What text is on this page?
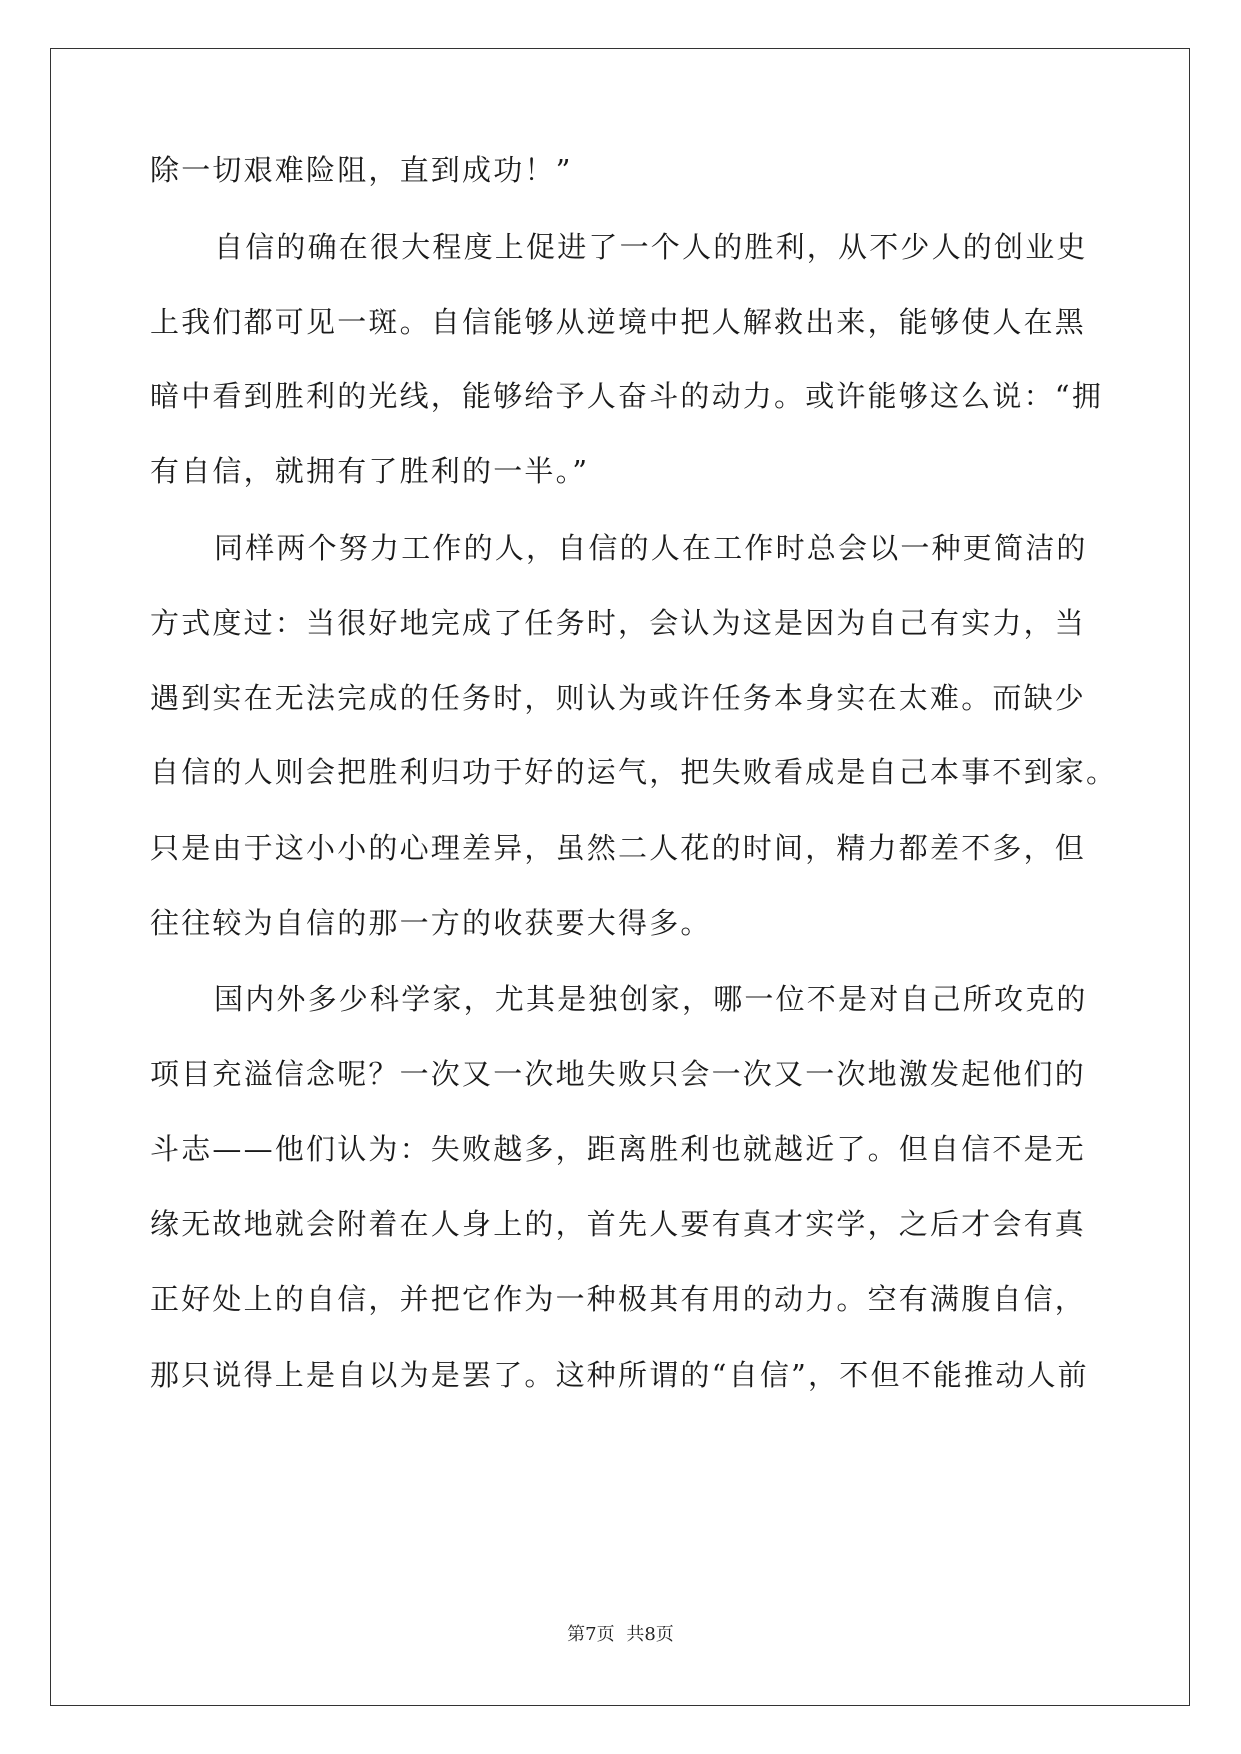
除一切艰难险阻，直到成功！”
自信的确在很大程度上促进了一个人的胜利，从不少人的创业史
上我们都可见一斑。自信能够从逆境中把人解救出来，能够使人在黑
暗中看到胜利的光线，能够给予人奋斗的动力。或许能够这么说：“拥
有自信，就拥有了胜利的一半。”
同样两个努力工作的人，自信的人在工作时总会以一种更简洁的
方式度过：当很好地完成了任务时，会认为这是因为自己有实力，当
遇到实在无法完成的任务时，则认为或许任务本身实在太难。而缺少
自信的人则会把胜利归功于好的运气，把失败看成是自己本事不到家。
只是由于这小小的心理差异，虽然二人花的时间，精力都差不多，但
往往较为自信的那一方的收获要大得多。
国内外多少科学家，尤其是独创家，哪一位不是对自己所攻克的
项目充溢信念呢？一次又一次地失败只会一次又一次地激发起他们的
斗志——他们认为：失败越多，距离胜利也就越近了。但自信不是无
缘无故地就会附着在人身上的，首先人要有真才实学，之后才会有真
正好处上的自信，并把它作为一种极其有用的动力。空有满腹自信，
那只说得上是自以为是罢了。这种所谓的“自信”，不但不能推动人前
第7页 共8页
